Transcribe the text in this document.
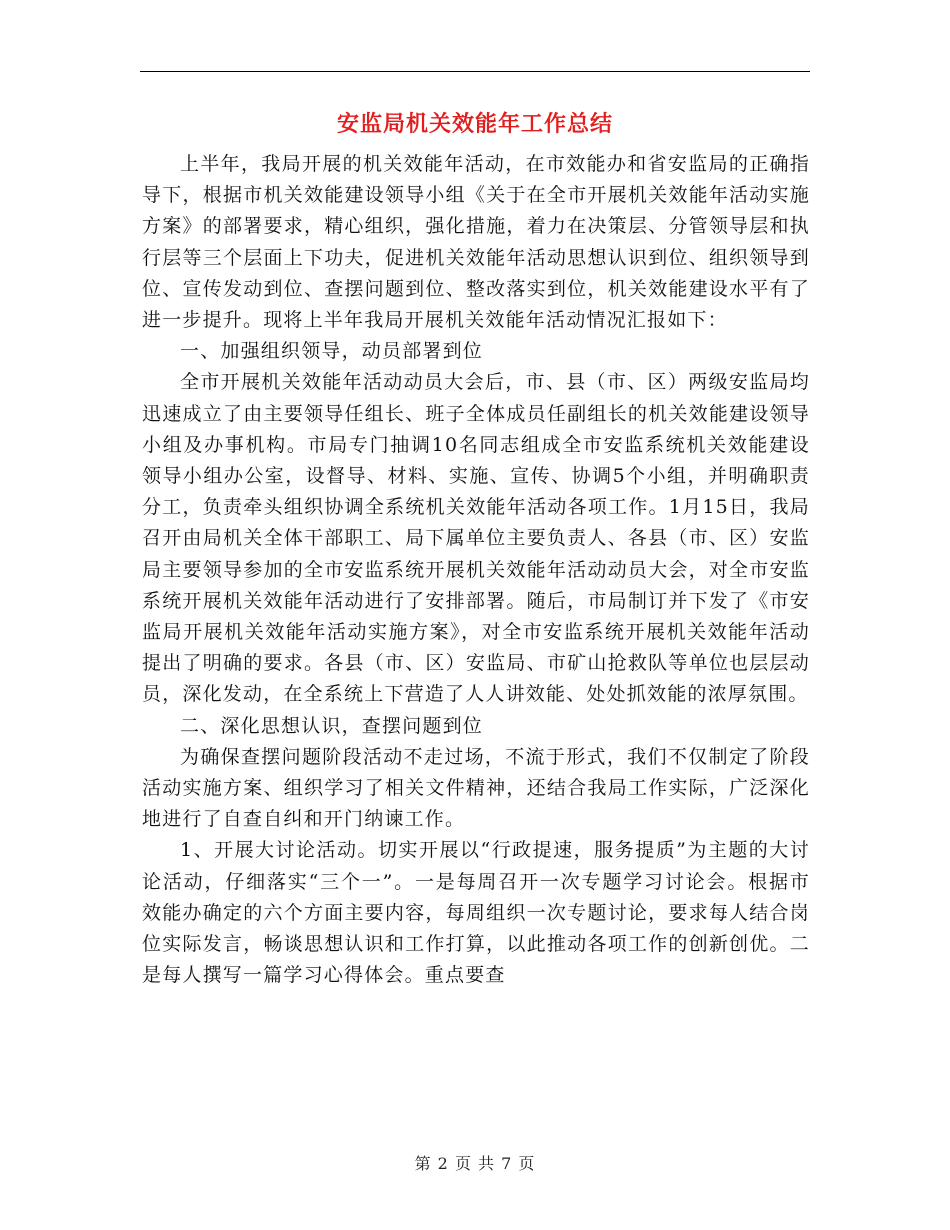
安监局机关效能年工作总结

上半年，我局开展的机关效能年活动，在市效能办和省安监局的正确指导下，根据市机关效能建设领导小组《关于在全市开展机关效能年活动实施方案》的部署要求，精心组织，强化措施，着力在决策层、分管领导层和执行层等三个层面上下功夫，促进机关效能年活动思想认识到位、组织领导到位、宣传发动到位、查摆问题到位、整改落实到位，机关效能建设水平有了进一步提升。现将上半年我局开展机关效能年活动情况汇报如下：

一、加强组织领导，动员部署到位

全市开展机关效能年活动动员大会后，市、县（市、区）两级安监局均迅速成立了由主要领导任组长、班子全体成员任副组长的机关效能建设领导小组及办事机构。市局专门抽调10名同志组成全市安监系统机关效能建设领导小组办公室，设督导、材料、实施、宣传、协调5个小组，并明确职责分工，负责牵头组织协调全系统机关效能年活动各项工作。1月15日，我局召开由局机关全体干部职工、局下属单位主要负责人、各县（市、区）安监局主要领导参加的全市安监系统开展机关效能年活动动员大会，对全市安监系统开展机关效能年活动进行了安排部署。随后，市局制订并下发了《市安监局开展机关效能年活动实施方案》，对全市安监系统开展机关效能年活动提出了明确的要求。各县（市、区）安监局、市矿山抢救队等单位也层层动员，深化发动，在全系统上下营造了人人讲效能、处处抓效能的浓厚氛围。

二、深化思想认识，查摆问题到位

为确保查摆问题阶段活动不走过场，不流于形式，我们不仅制定了阶段活动实施方案、组织学习了相关文件精神，还结合我局工作实际，广泛深化地进行了自查自纠和开门纳谏工作。

1、开展大讨论活动。切实开展以“行政提速，服务提质”为主题的大讨论活动，仔细落实“三个一”。一是每周召开一次专题学习讨论会。根据市效能办确定的六个方面主要内容，每周组织一次专题讨论，要求每人结合岗位实际发言，畅谈思想认识和工作打算，以此推动各项工作的创新创优。二是每人撰写一篇学习心得体会。重点要查

第 2 页 共 7 页
